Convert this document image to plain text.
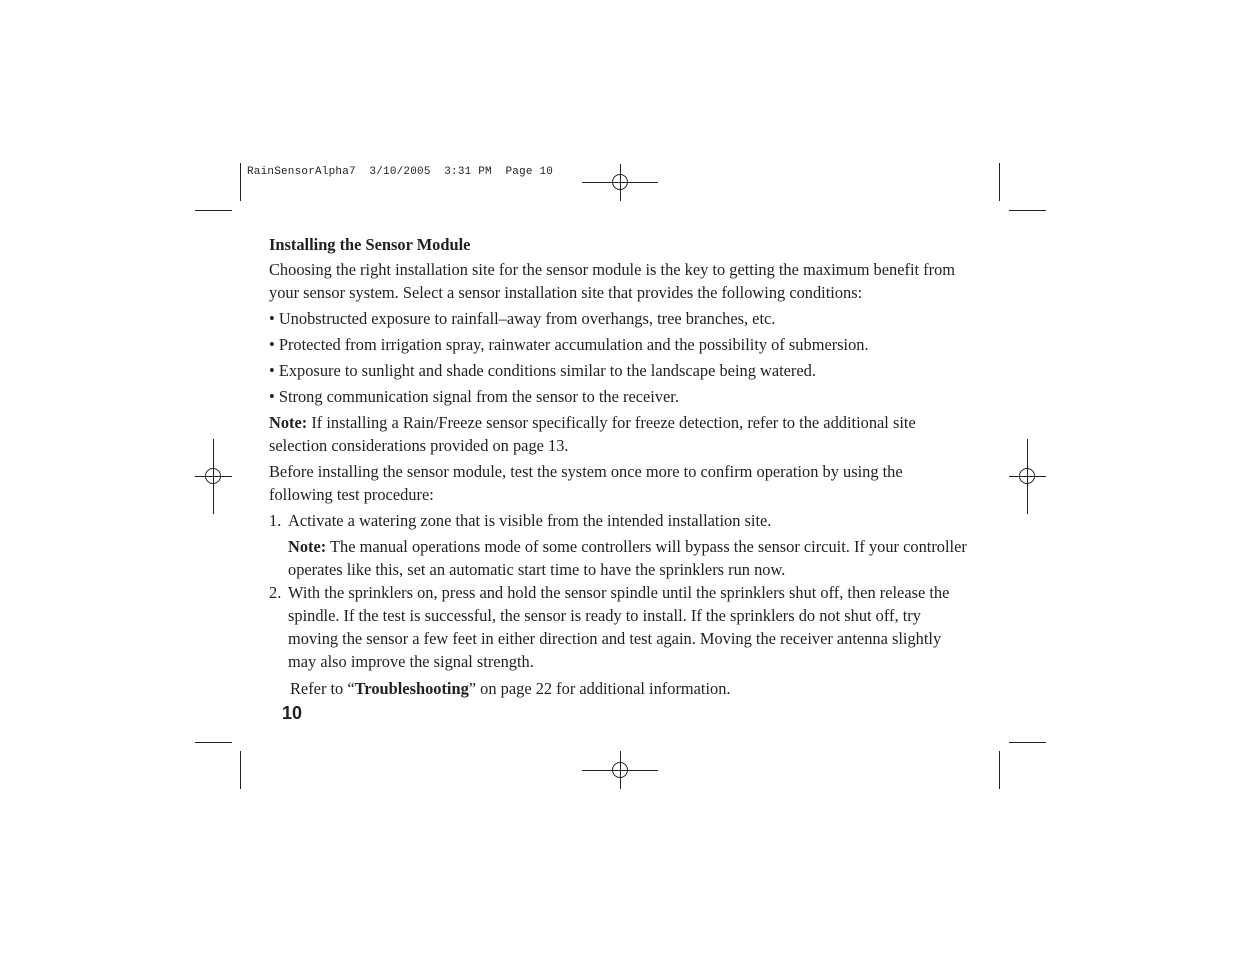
RainSensorAlpha7  3/10/2005  3:31 PM  Page 10
Installing the Sensor Module

Choosing the right installation site for the sensor module is the key to getting the maximum benefit from your sensor system. Select a sensor installation site that provides the following conditions:

• Unobstructed exposure to rainfall–away from overhangs, tree branches, etc.

• Protected from irrigation spray, rainwater accumulation and the possibility of submersion.

• Exposure to sunlight and shade conditions similar to the landscape being watered.

• Strong communication signal from the sensor to the receiver.

Note: If installing a Rain/Freeze sensor specifically for freeze detection, refer to the additional site selection considerations provided on page 13.

Before installing the sensor module, test the system once more to confirm operation by using the following test procedure:

1. Activate a watering zone that is visible from the intended installation site.

Note: The manual operations mode of some controllers will bypass the sensor circuit. If your controller operates like this, set an automatic start time to have the sprinklers run now.

2. With the sprinklers on, press and hold the sensor spindle until the sprinklers shut off, then release the spindle. If the test is successful, the sensor is ready to install. If the sprinklers do not shut off, try moving the sensor a few feet in either direction and test again. Moving the receiver antenna slightly may also improve the signal strength.

Refer to “Troubleshooting” on page 22 for additional information.

10
